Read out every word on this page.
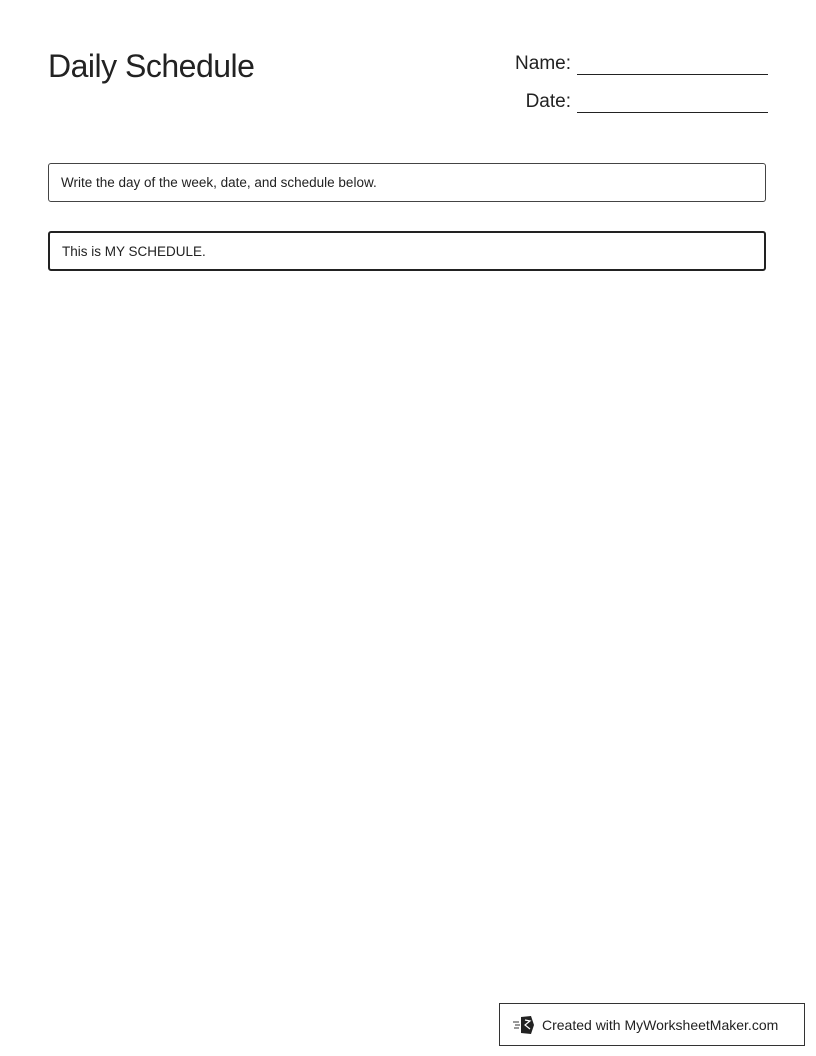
Daily Schedule	Name:
Date:
Write the day of the week, date, and schedule below.
This is MY SCHEDULE.
Created with MyWorksheetMaker.com
